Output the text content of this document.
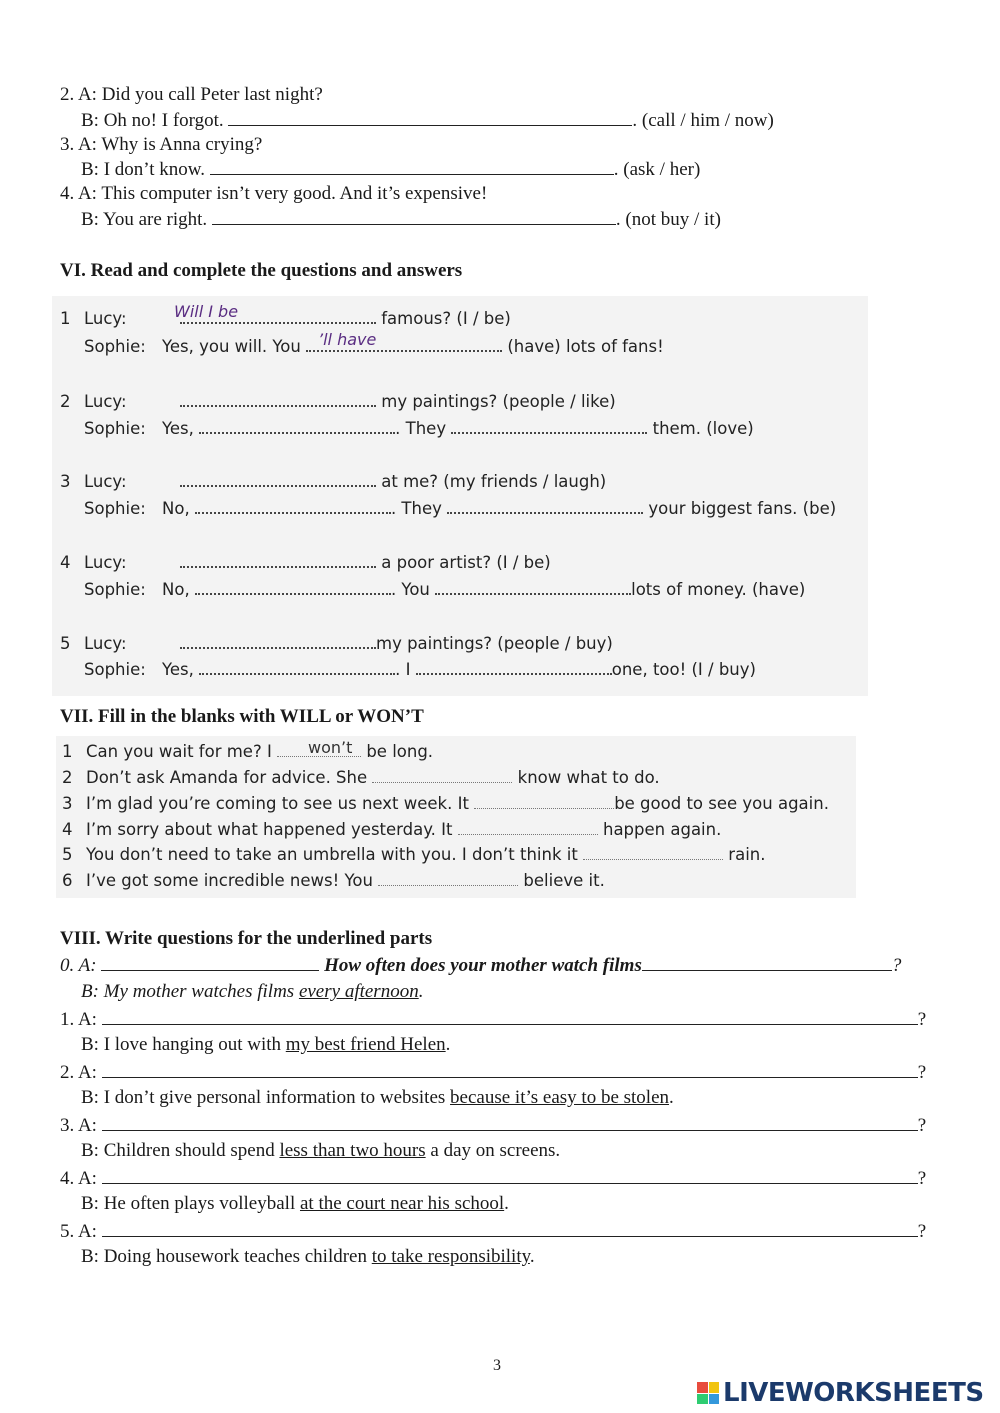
2. A: Did you call Peter last night?
B: Oh no! I forgot.	. (call / him / now)
3. A: Why is Anna crying?
B: I don’t know.	. (ask / her)
4. A: This computer isn’t very good. And it’s expensive!
B: You are right.	. (not buy / it)
VI. Read and complete the questions and answers
1 Lucy:	famous? (I / be)
Will I be
Sophie: Yes, you will. You	(have) lots of fans!
’ll have
2 Lucy:	my paintings? (people / like)
Sophie: Yes,	. They	them. (love)
3 Lucy:	at me? (my friends / laugh)
Sophie: No,	. They	your biggest fans. (be)
4 Lucy:	a poor artist? (I / be)
Sophie: No,	. You	lots of money. (have)
5 Lucy:	my paintings? (people / buy)
Sophie: Yes,	. I	one, too! (I / buy)
VII. Fill in the blanks with WILL or WON’T
1 Can you wait for me? I	be long.
won’t
2 Don’t ask Amanda for advice. She	know what to do.
3 I’m glad you’re coming to see us next week. It	be good to see you again.
4 I’m sorry about what happened yesterday. It	happen again.
5 You don’t need to take an umbrella with you. I don’t think it	rain.
6 I’ve got some incredible news! You	believe it.
VIII. Write questions for the underlined parts
0. A:	How often does your mother watch films	?
B: My mother watches films every afternoon.
1. A:	?
B: I love hanging out with my best friend Helen.
2. A:	?
B: I don’t give personal information to websites because it’s easy to be stolen.
3. A:	?
B: Children should spend less than two hours a day on screens.
4. A:	?
B: He often plays volleyball at the court near his school.
5. A:	?
B: Doing housework teaches children to take responsibility.
3
LIVEWORKSHEETS
